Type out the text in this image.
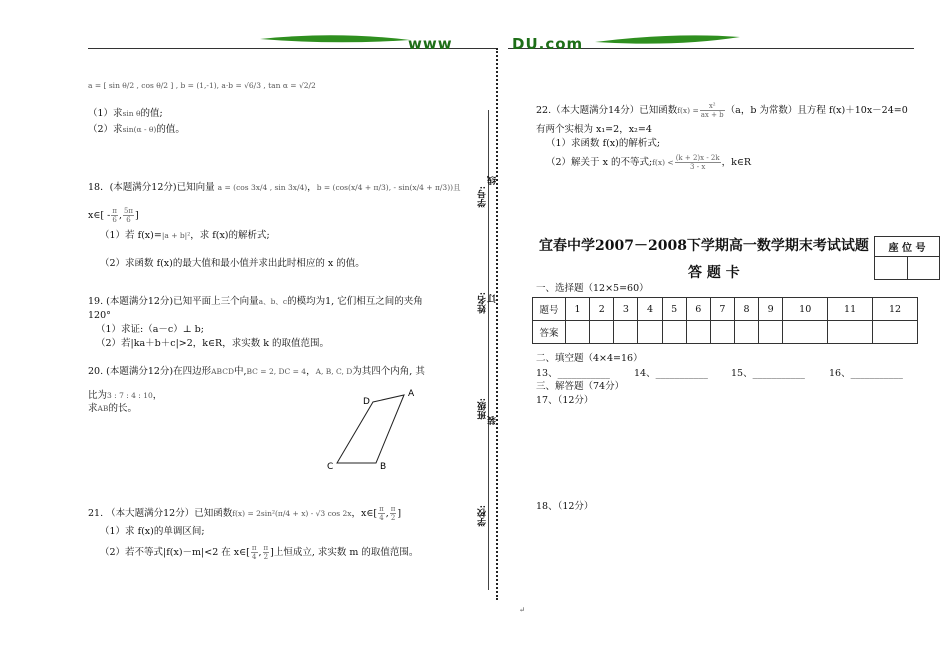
www	DU.com
学校:
班级:
装
姓名: 订
学号:
线
a = [ sin θ/2 , cos θ/2 ] , b = (1,-1), a·b = √6/3 , tan α = √2/2
（1）求sin θ的值;
（2）求sin(α - θ)的值。
18．(本题满分12分)已知向量 a = (cos 3x/4 , sin 3x/4)，b = (cos(x/4 + π/3), - sin(x/4 + π/3))且
x∈[ - $\frac{\pi}{6}$ , $\frac{5\pi}{6}$ ]
（1）若 f(x)=|a + b|²，求 f(x)的解析式;
（2）求函数 f(x)的最大值和最小值并求出此时相应的 x 的值。
19. (本题满分12分)已知平面上三个向量a、b、c的模均为1, 它们相互之间的夹角
120°
（1）求证:（a－c）⊥ b;
（2）若|ka＋b＋c|>2，k∈R，求实数 k 的取值范围。
20. (本题满分12分)在四边形ABCD中,BC = 2, DC = 4，A, B, C, D为其四个内角, 其
比为3 : 7 : 4 : 10，
求AB的长。
A
B
C
D
21. （本大题满分12分）已知函数f(x) = 2sin²(π/4 + x) - √3 cos 2x，x∈[ $\frac{\pi}{4}$ , $\frac{\pi}{2}$ ]
（1）求 f(x)的单调区间;
（2）若不等式|f(x)－m|<2 在 x∈[ $\frac{\pi}{4}$ , $\frac{\pi}{2}$ ]上恒成立, 求实数 m 的取值范围。
22.（本大题满分14分）已知函数$f(x) = \frac{\text{x²}}{ax + b} (a$，b 为常数）且方程 f(x)＋10x－24=0
有两个实根为 x₁=2，x₂=4
（1）求函数 f(x)的解析式;
（2）解关于 x 的不等式;f(x) < $\frac{(k + 2)x - 2k}{3 - x}$ ，k∈R
宜春中学2007－2008下学期高一数学期末考试试题
答 题 卡
座 位 号

一、选择题（12×5=60）
题号	1	2	3	4	5	6	7	8	9	10	11	12
答案												
二、填空题（4×4=16）
13、___________	14、___________ 15、___________	16、___________
三、解答题（74分）
17、（12分）
18、（12分）
↵
